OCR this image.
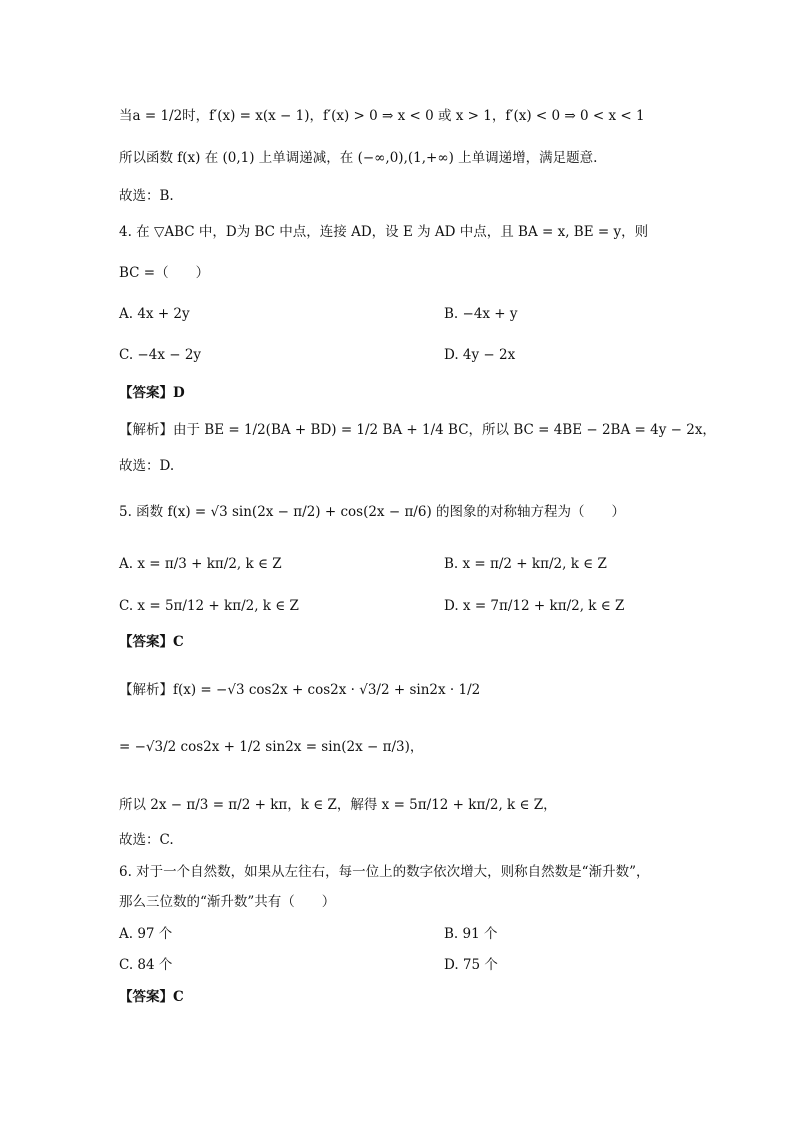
当a = 1/2时，f′(x) = x(x − 1)，f′(x) > 0 ⇒ x < 0 或 x > 1，f′(x) < 0 ⇒ 0 < x < 1
所以函数 f(x) 在 (0,1) 上单调递减，在 (−∞,0),(1,+∞) 上单调递增，满足题意.
故选：B.
4. 在 ▽ABC 中，D为 BC 中点，连接 AD，设 E 为 AD 中点，且 BA = x, BE = y，则
BC =（　　）
A. 4x + 2y	B. −4x + y
C. −4x − 2y	D. 4y − 2x
【答案】D
【解析】由于 BE = 1/2(BA + BD) = 1/2 BA + 1/4 BC，所以 BC = 4BE − 2BA = 4y − 2x，
故选：D.
5. 函数 f(x) = √3 sin(2x − π/2) + cos(2x − π/6) 的图象的对称轴方程为（　　）
A. x = π/3 + kπ/2, k ∈ Z	B. x = π/2 + kπ/2, k ∈ Z
C. x = 5π/12 + kπ/2, k ∈ Z	D. x = 7π/12 + kπ/2, k ∈ Z
【答案】C
【解析】f(x) = −√3 cos2x + cos2x · √3/2 + sin2x · 1/2
= −√3/2 cos2x + 1/2 sin2x = sin(2x − π/3)，
所以 2x − π/3 = π/2 + kπ，k ∈ Z，解得 x = 5π/12 + kπ/2, k ∈ Z，
故选：C.
6. 对于一个自然数，如果从左往右，每一位上的数字依次增大，则称自然数是“渐升数”，
那么三位数的“渐升数”共有（　　）
A. 97 个	B. 91 个
C. 84 个	D. 75 个
【答案】C
